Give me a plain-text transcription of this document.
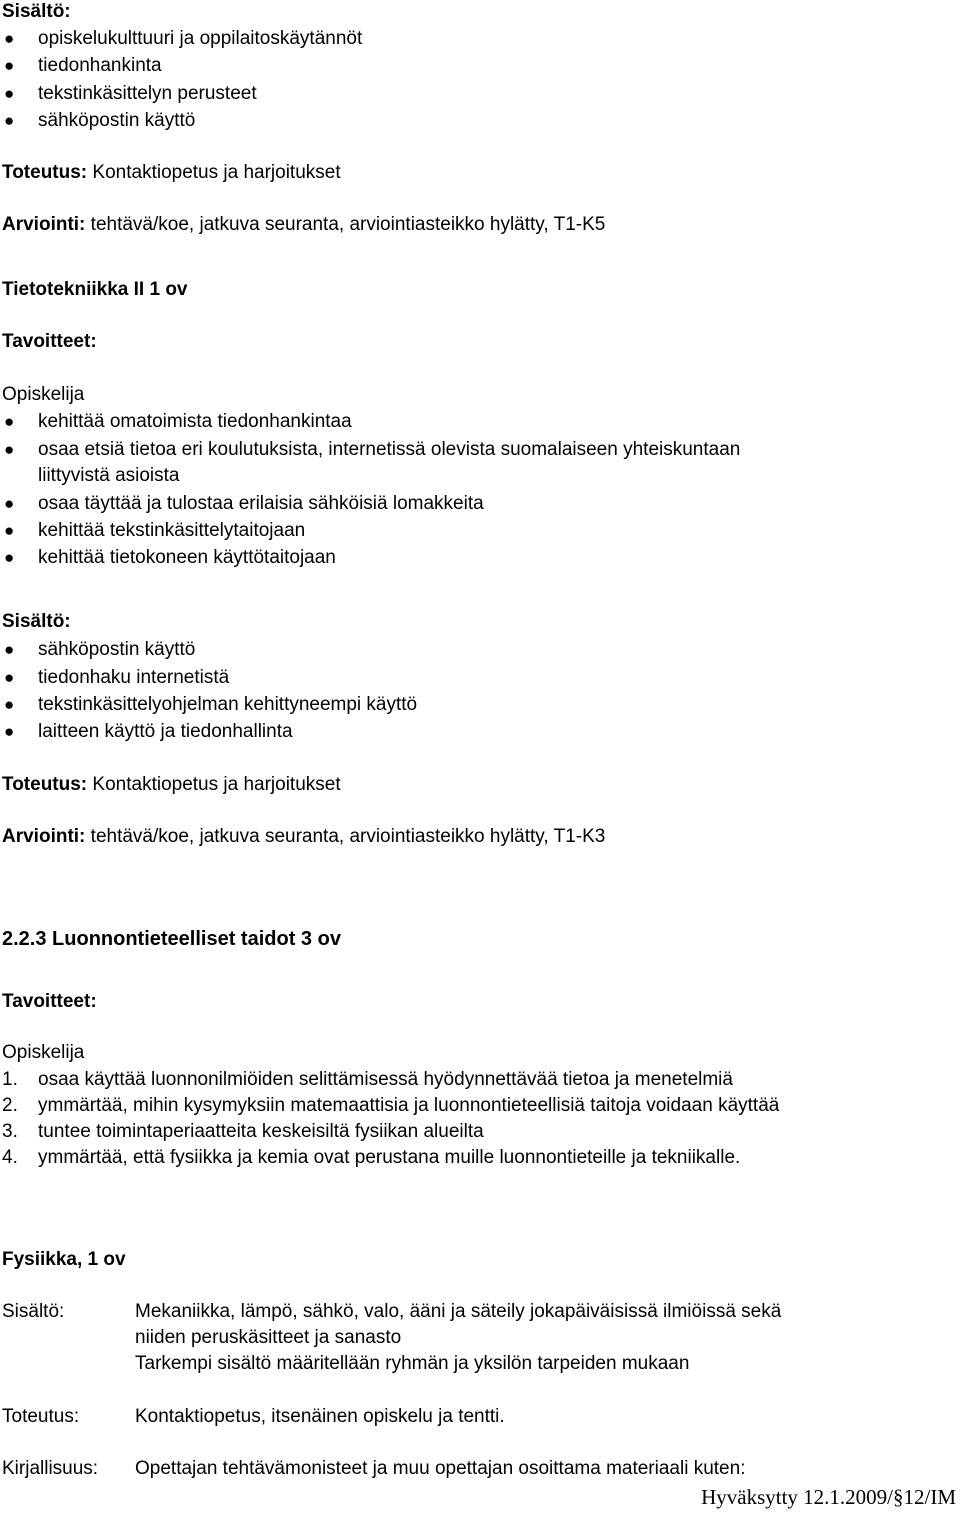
Sisältö:
● opiskelukulttuuri ja oppilaitoskäytännöt
● tiedonhankinta
● tekstinkäsittelyn perusteet
● sähköpostin käyttö
Toteutus: Kontaktiopetus ja harjoitukset
Arviointi: tehtävä/koe, jatkuva seuranta, arviointiasteikko hylätty, T1-K5
Tietotekniikka II 1 ov
Tavoitteet:
Opiskelija
● kehittää omatoimista tiedonhankintaa
● osaa etsiä tietoa eri koulutuksista, internetissä olevista suomalaiseen yhteiskuntaan
liittyvistä asioista
● osaa täyttää ja tulostaa erilaisia sähköisiä lomakkeita
● kehittää tekstinkäsittelytaitojaan
● kehittää tietokoneen käyttötaitojaan
Sisältö:
● sähköpostin käyttö
● tiedonhaku internetistä
● tekstinkäsittelyohjelman kehittyneempi käyttö
● laitteen käyttö ja tiedonhallinta
Toteutus: Kontaktiopetus ja harjoitukset
Arviointi: tehtävä/koe, jatkuva seuranta, arviointiasteikko hylätty, T1-K3
2.2.3 Luonnontieteelliset taidot 3 ov
Tavoitteet:
Opiskelija
1. osaa käyttää luonnonilmiöiden selittämisessä hyödynnettävää tietoa ja menetelmiä
2. ymmärtää, mihin kysymyksiin matemaattisia ja luonnontieteellisiä taitoja voidaan käyttää
3. tuntee toimintaperiaatteita keskeisiltä fysiikan alueilta
4. ymmärtää, että fysiikka ja kemia ovat perustana muille luonnontieteille ja tekniikalle.
Fysiikka, 1 ov
Sisältö:	Mekaniikka, lämpö, sähkö, valo, ääni ja säteily jokapäiväisissä ilmiöissä sekä
niiden peruskäsitteet ja sanasto
Tarkempi sisältö määritellään ryhmän ja yksilön tarpeiden mukaan
Toteutus:	Kontaktiopetus, itsenäinen opiskelu ja tentti.
Kirjallisuus: Opettajan tehtävämonisteet ja muu opettajan osoittama materiaali kuten:
Hyväksytty 12.1.2009/§12/IM
